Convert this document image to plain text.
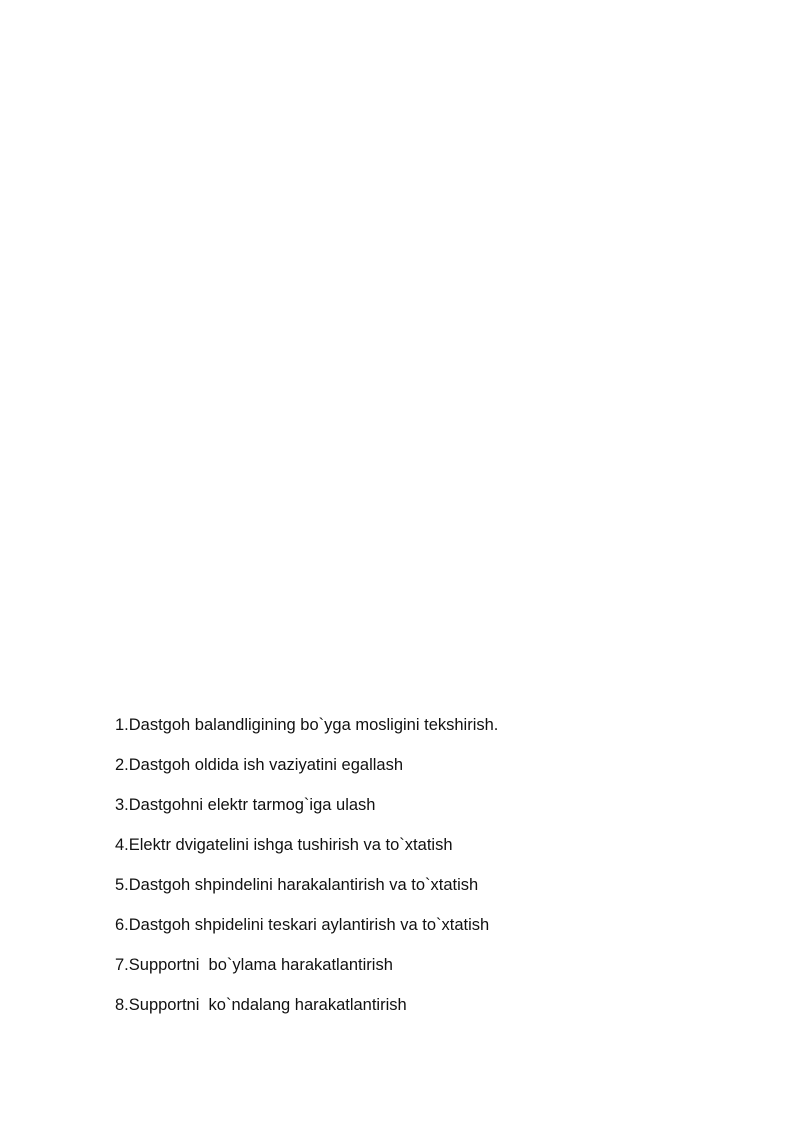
1.Dastgoh balandligining bo`yga mosligini tekshirish.
2.Dastgoh oldida ish vaziyatini egallash
3.Dastgohni elektr tarmog`iga ulash
4.Elektr dvigatelini ishga tushirish va to`xtatish
5.Dastgoh shpindelini harakalantirish va to`xtatish
6.Dastgoh shpidelini teskari aylantirish va to`xtatish
7.Supportni  bo`ylama harakatlantirish
8.Supportni  ko`ndalang harakatlantirish
